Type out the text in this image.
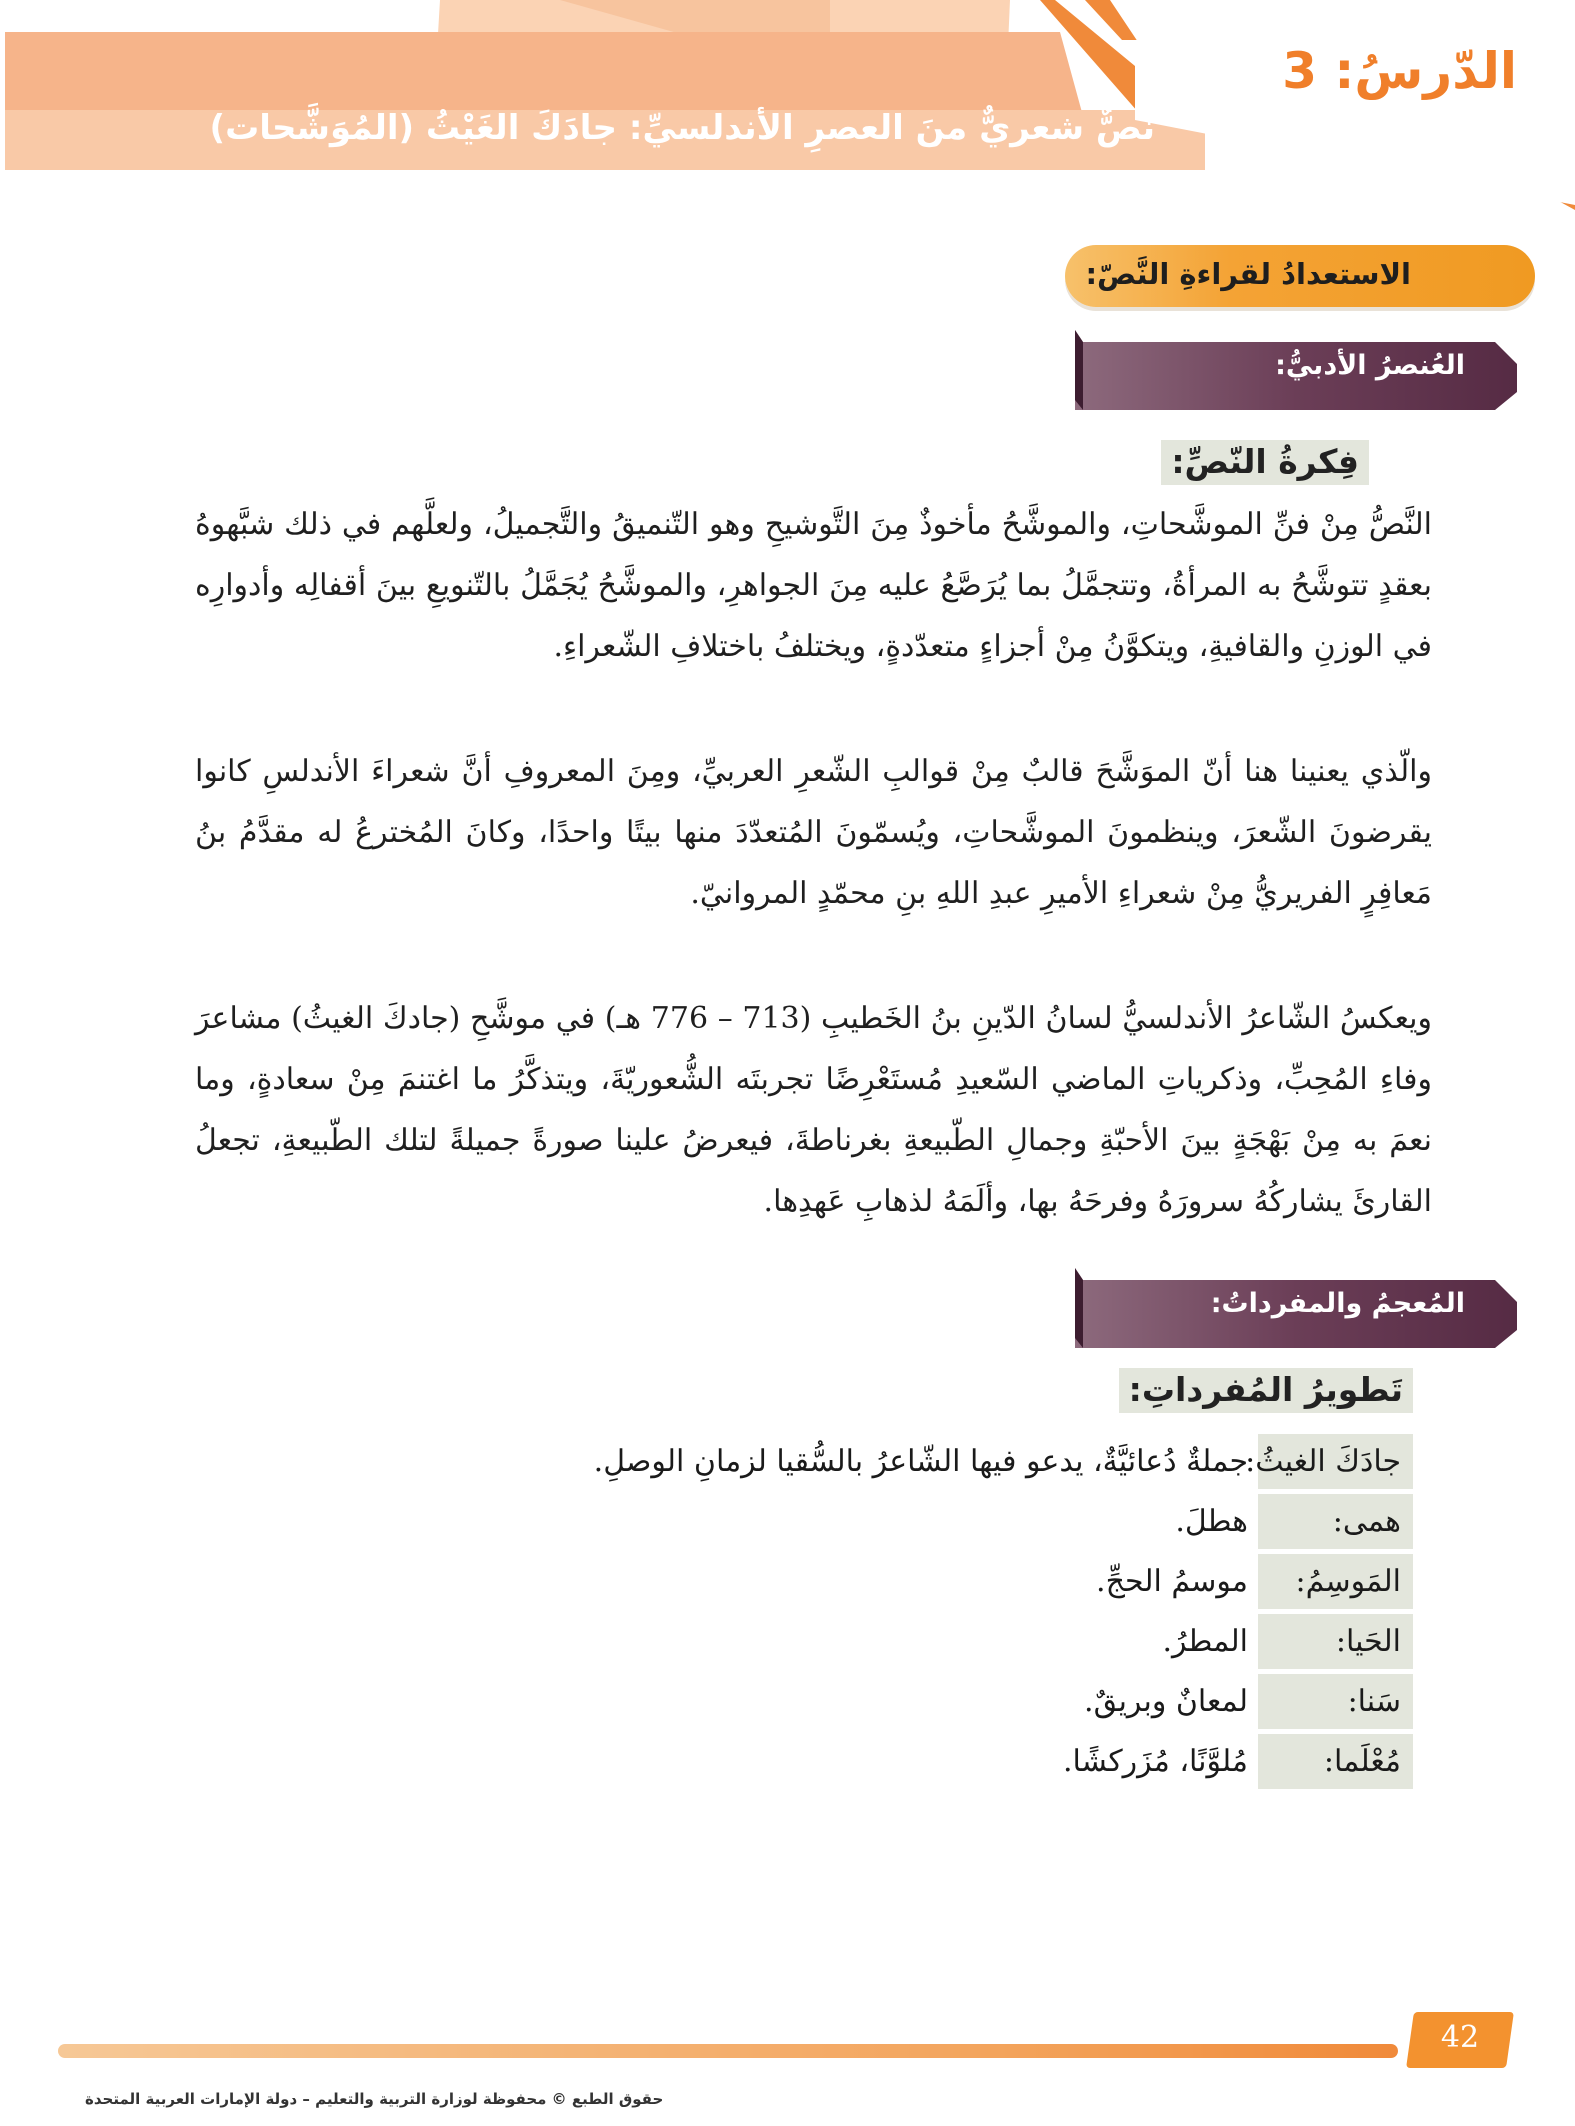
الدّرسُ: 3
نصٌّ شعريٌّ منَ العصرِ الأندلسيِّ: جادَكَ الغَيْثُ (المُوَشَّحات)
الاستعدادُ لقراءةِ النَّصّ:
العُنصرُ الأدبيُّ:
فِكرةُ النّصِّ:
النَّصُّ مِنْ فنِّ الموشَّحاتِ، والموشَّحُ مأخوذٌ مِنَ التَّوشيحِ وهو التّنميقُ والتَّجميلُ، ولعلَّهم في ذلك شبَّهوهُ بعقدٍ تتوشَّحُ به المرأةُ، وتتجمَّلُ بما يُرَصَّعُ عليه مِنَ الجواهرِ، والموشَّحُ يُجَمَّلُ بالتّنويعِ بينَ أقفالِه وأدوارِه في الوزنِ والقافيةِ، ويتكوَّنُ مِنْ أجزاءٍ متعدّدةٍ، ويختلفُ باختلافِ الشّعراءِ.
والّذي يعنينا هنا أنّ الموَشَّحَ قالبٌ مِنْ قوالبِ الشّعرِ العربيِّ، ومِنَ المعروفِ أنَّ شعراءَ الأندلسِ كانوا يقرضونَ الشّعرَ، وينظمونَ الموشَّحاتِ، ويُسمّونَ المُتعدّدَ منها بيتًا واحدًا، وكانَ المُخترعُ له مقدَّمُ بنُ مَعافِرٍ الفريريُّ مِنْ شعراءِ الأميرِ عبدِ اللهِ بنِ محمّدٍ المروانيّ.
ويعكسُ الشّاعرُ الأندلسيُّ لسانُ الدّينِ بنُ الخَطيبِ (713 – 776 هـ) في موشَّحِ (جادكَ الغيثُ) مشاعرَ وفاءِ المُحِبِّ، وذكرياتِ الماضي السّعيدِ مُستَعْرِضًا تجربتَه الشُّعوريّةَ، ويتذكَّرُ ما اغتنمَ مِنْ سعادةٍ، وما نعمَ به مِنْ بَهْجَةٍ بينَ الأحبّةِ وجمالِ الطّبيعةِ بغرناطةَ، فيعرضُ علينا صورةً جميلةً لتلك الطّبيعةِ، تجعلُ القارئَ يشاركُهُ سرورَهُ وفرحَهُ بها، وألَمَهُ لذهابِ عَهدِها.
المُعجمُ والمفرداتُ:
تَطويرُ المُفرداتِ:
جادَكَ الغيثُ:
جملةٌ دُعائيَّةٌ، يدعو فيها الشّاعرُ بالسُّقيا لزمانِ الوصلِ.
همى:
هطلَ.
المَوسِمُ:
موسمُ الحجِّ.
الحَيا:
المطرُ.
سَنا:
لمعانٌ وبريقٌ.
مُعْلَما:
مُلوَّنًا، مُزَركشًا.
42
حقوق الطبع © محفوظة لوزارة التربية والتعليم – دولة الإمارات العربية المتحدة
